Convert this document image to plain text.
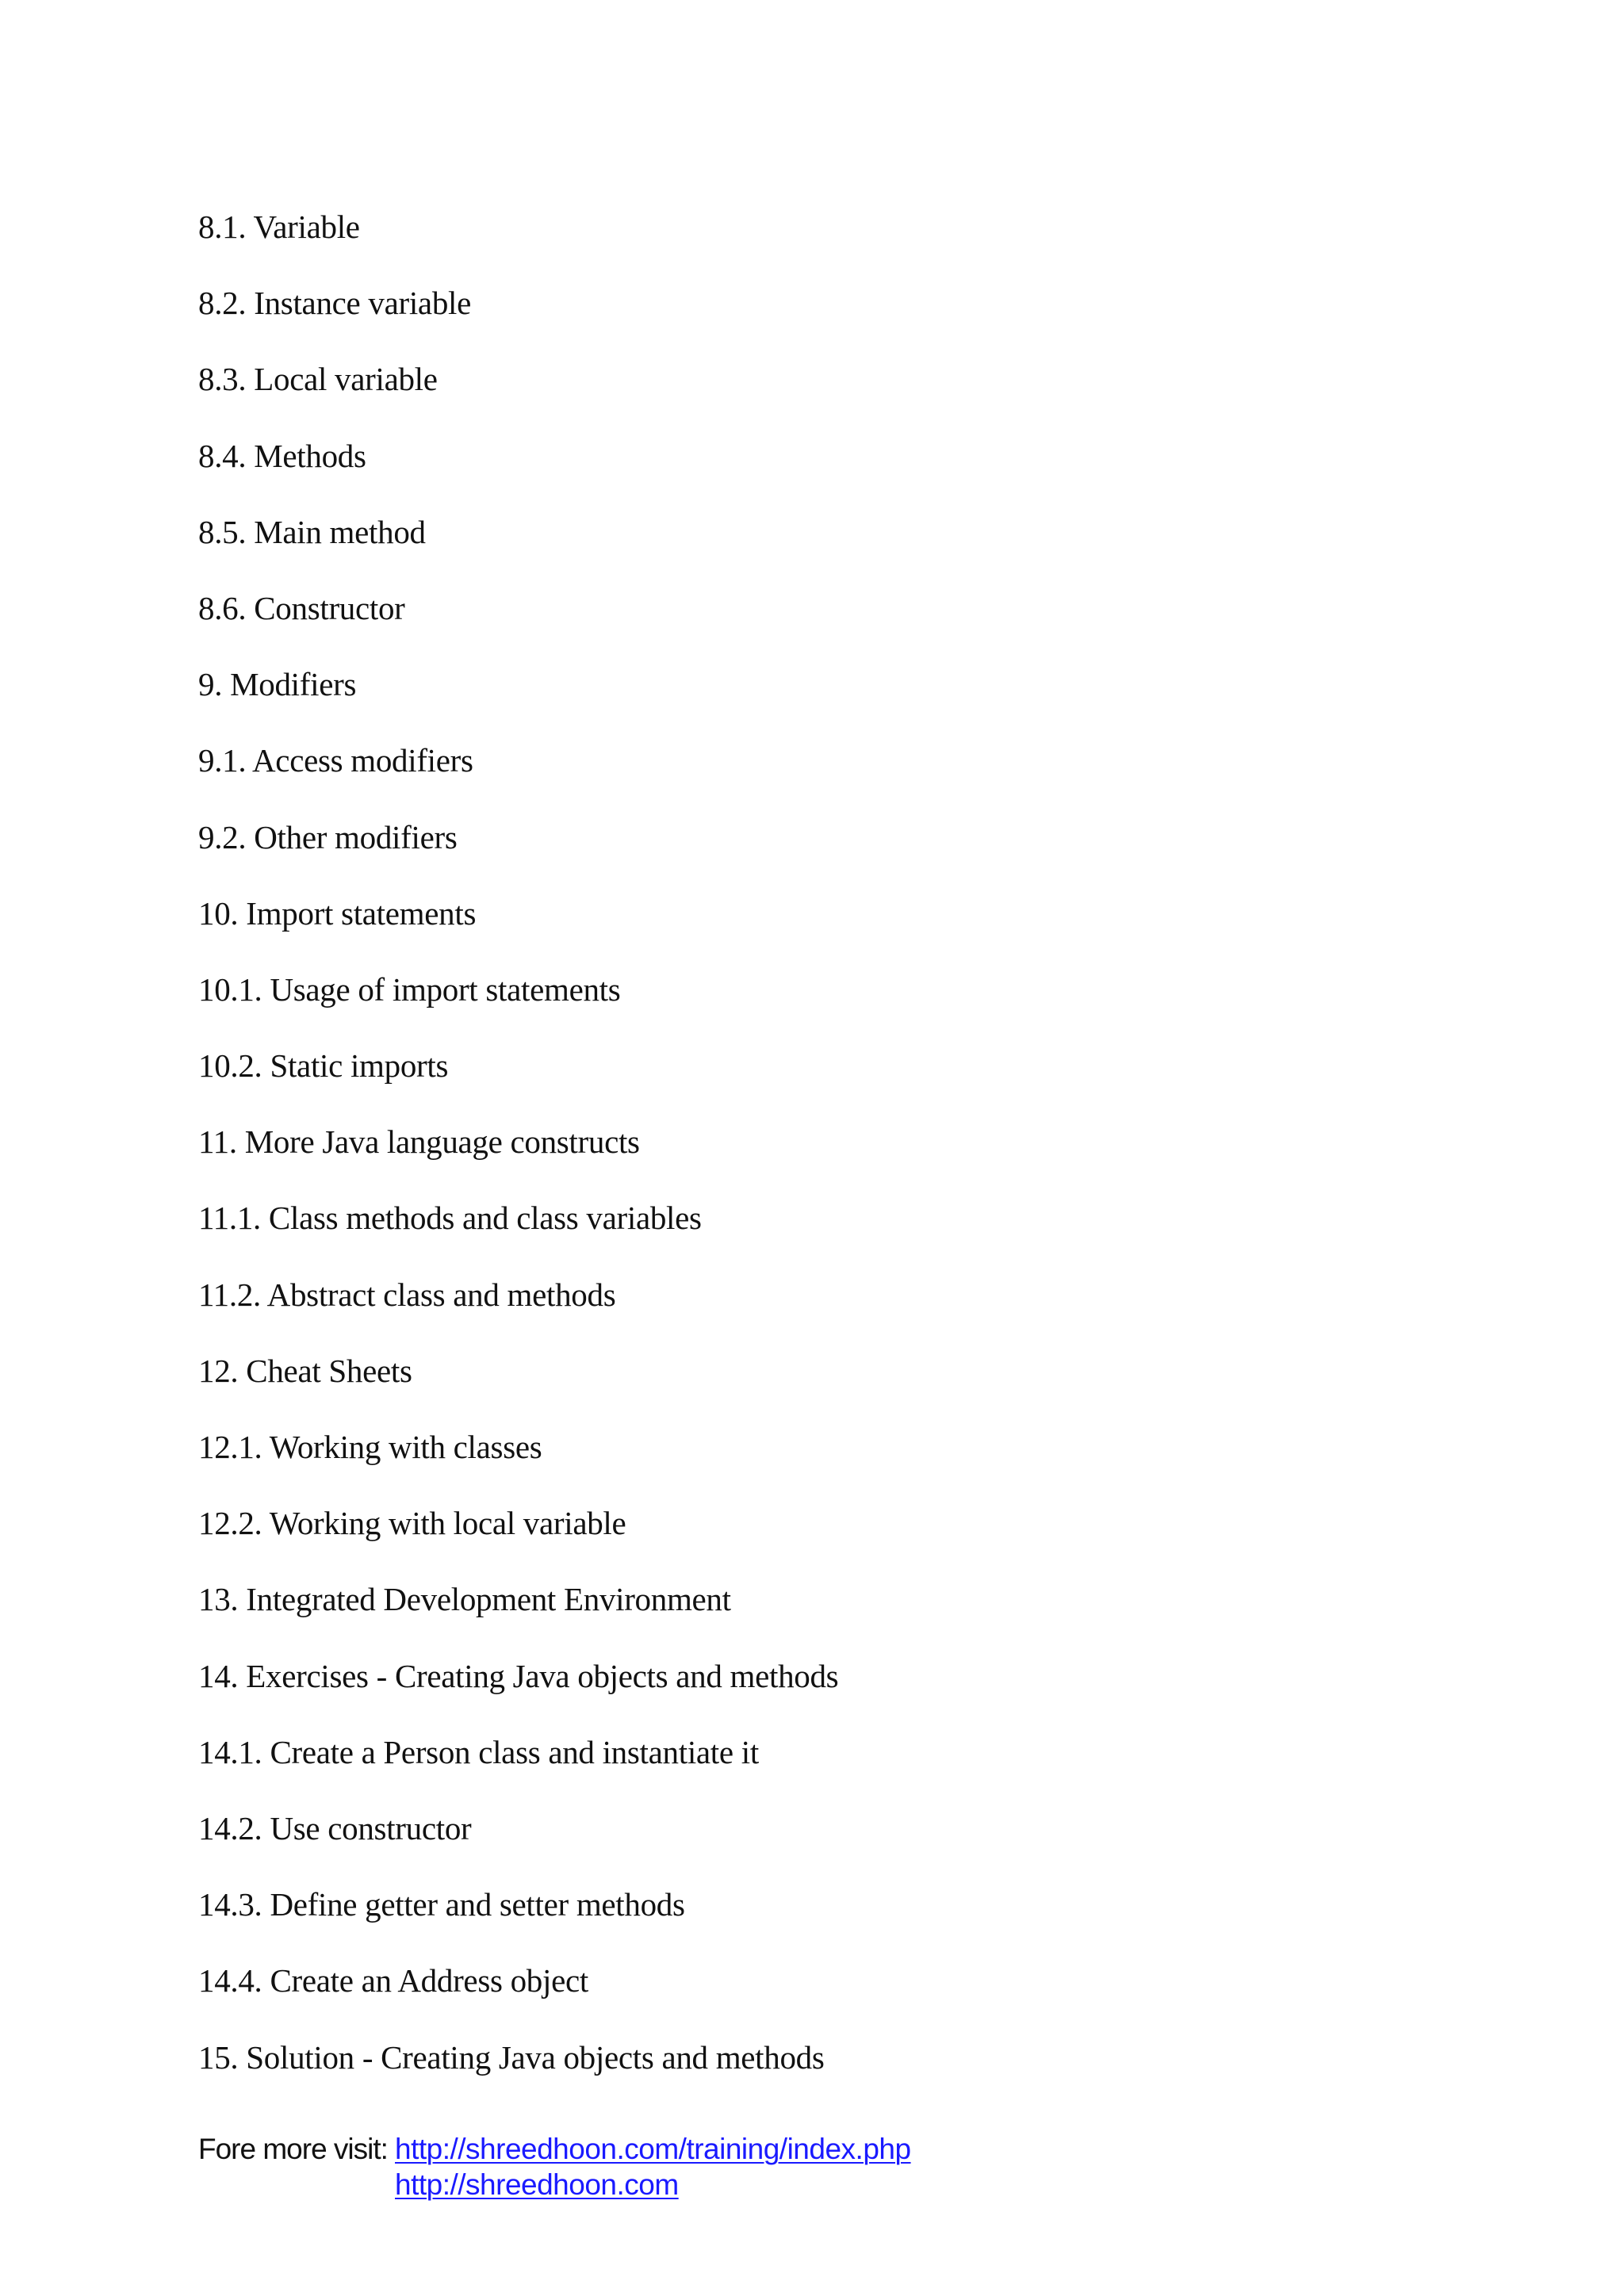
8.1. Variable
8.2. Instance variable
8.3. Local variable
8.4. Methods
8.5. Main method
8.6. Constructor
9. Modifiers
9.1. Access modifiers
9.2. Other modifiers
10. Import statements
10.1. Usage of import statements
10.2. Static imports
11. More Java language constructs
11.1. Class methods and class variables
11.2. Abstract class and methods
12. Cheat Sheets
12.1. Working with classes
12.2. Working with local variable
13. Integrated Development Environment
14. Exercises - Creating Java objects and methods
14.1. Create a Person class and instantiate it
14.2. Use constructor
14.3. Define getter and setter methods
14.4. Create an Address object
15. Solution - Creating Java objects and methods
Fore more visit: http://shreedhoon.com/training/index.php
http://shreedhoon.com
